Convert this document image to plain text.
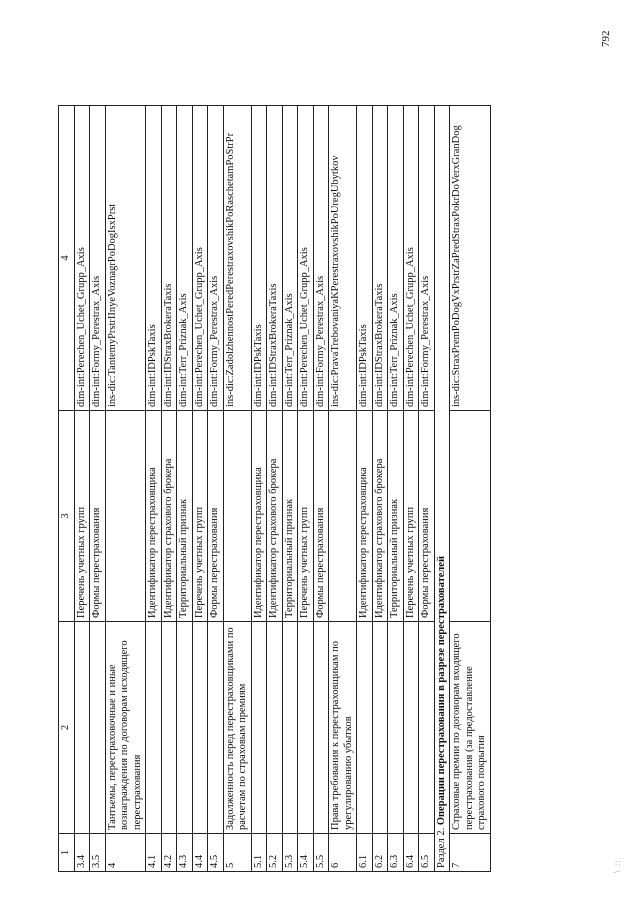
1	2	3	4
3.4		Перечень учетных групп	dim-int:Perechen_Uchet_Grupp_Axis
3.5		Формы перестрахования	dim-int:Formy_Perestrax_Axis
4	Тантьемы, перестраховочные и иные вознаграждения по договорам исходящего перестрахования		ins-dic:TantemyPrstrIInyeVoznagrPoDogIsxPrst
4.1		Идентификатор перестраховщика	dim-int:IDPskTaxis
4.2		Идентификатор страхового брокера	dim-int:IDStraxBrokeraTaxis
4.3		Территориальный признак	dim-int:Terr_Priznak_Axis
4.4		Перечень учетных групп	dim-int:Perechen_Uchet_Grupp_Axis
4.5		Формы перестрахования	dim-int:Formy_Perestrax_Axis
5	Задолженность перед перестраховщиками по расчетам по страховым премиям		ins-dic:ZadolzhennostPeredPerestraxovshikPoRaschetamPoStrPr
5.1		Идентификатор перестраховщика	dim-int:IDPskTaxis
5.2		Идентификатор страхового брокера	dim-int:IDStraxBrokeraTaxis
5.3		Территориальный признак	dim-int:Terr_Priznak_Axis
5.4		Перечень учетных групп	dim-int:Perechen_Uchet_Grupp_Axis
5.5		Формы перестрахования	dim-int:Formy_Perestrax_Axis
6	Права требования к перестраховщикам по урегулированию убытков		ins-dic:PravaTrebovaniyaKPerestraxovshikPoUregUbytkov
6.1		Идентификатор перестраховщика	dim-int:IDPskTaxis
6.2		Идентификатор страхового брокера	dim-int:IDStraxBrokeraTaxis
6.3		Территориальный признак	dim-int:Terr_Priznak_Axis
6.4		Перечень учетных групп	dim-int:Perechen_Uchet_Grupp_Axis
6.5		Формы перестрахования	dim-int:Formy_Perestrax_Axis
Раздел 2. Операции перестрахования в разрезе перестрахователей			
7	Страховые премии по договорам входящего перестрахования (за предоставление страхового покрытия		ins-dic:StraxPremPoDogVxPrstrZaPredStraxPokrDoVerxGranDog
792
\ ::
